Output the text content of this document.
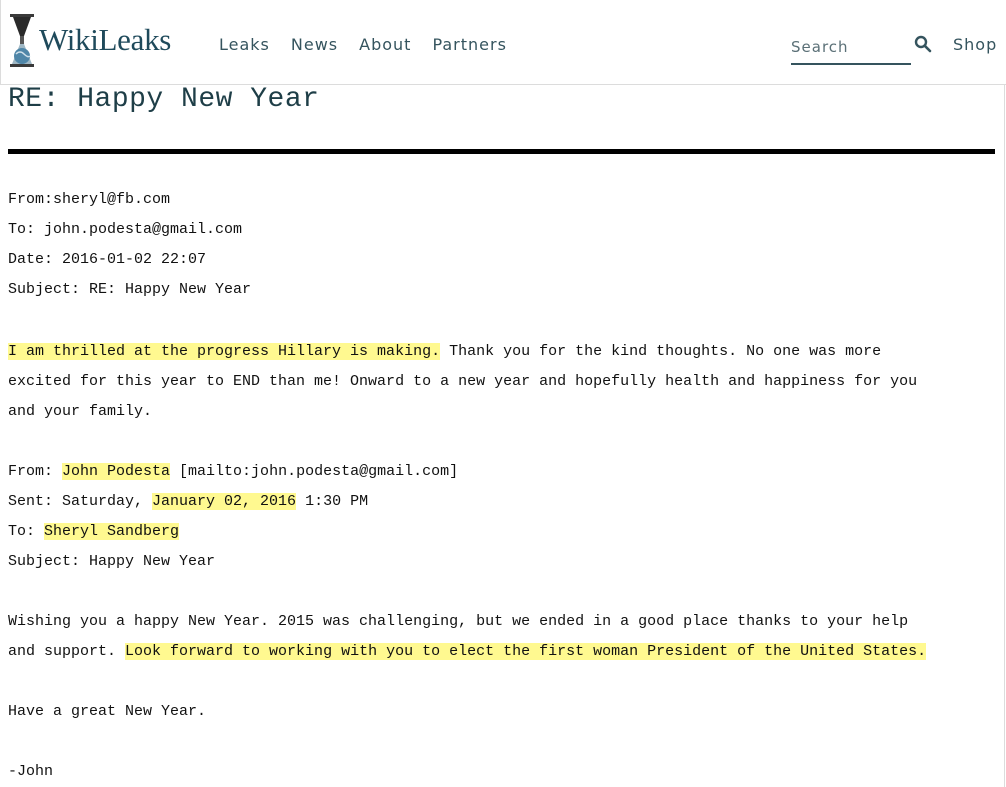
WikiLeaks	Leaks News About Partners
Search	Shop
RE: Happy New Year
From:sheryl@fb.com
To: john.podesta@gmail.com
Date: 2016-01-02 22:07
Subject: RE: Happy New Year
I am thrilled at the progress Hillary is making. Thank you for the kind thoughts. No one was more
excited for this year to END than me! Onward to a new year and hopefully health and happiness for you
and your family.
From: John Podesta [mailto:john.podesta@gmail.com]
Sent: Saturday, January 02, 2016 1:30 PM
To: Sheryl Sandberg
Subject: Happy New Year
Wishing you a happy New Year. 2015 was challenging, but we ended in a good place thanks to your help
and support. Look forward to working with you to elect the first woman President of the United States.
Have a great New Year.
-John
